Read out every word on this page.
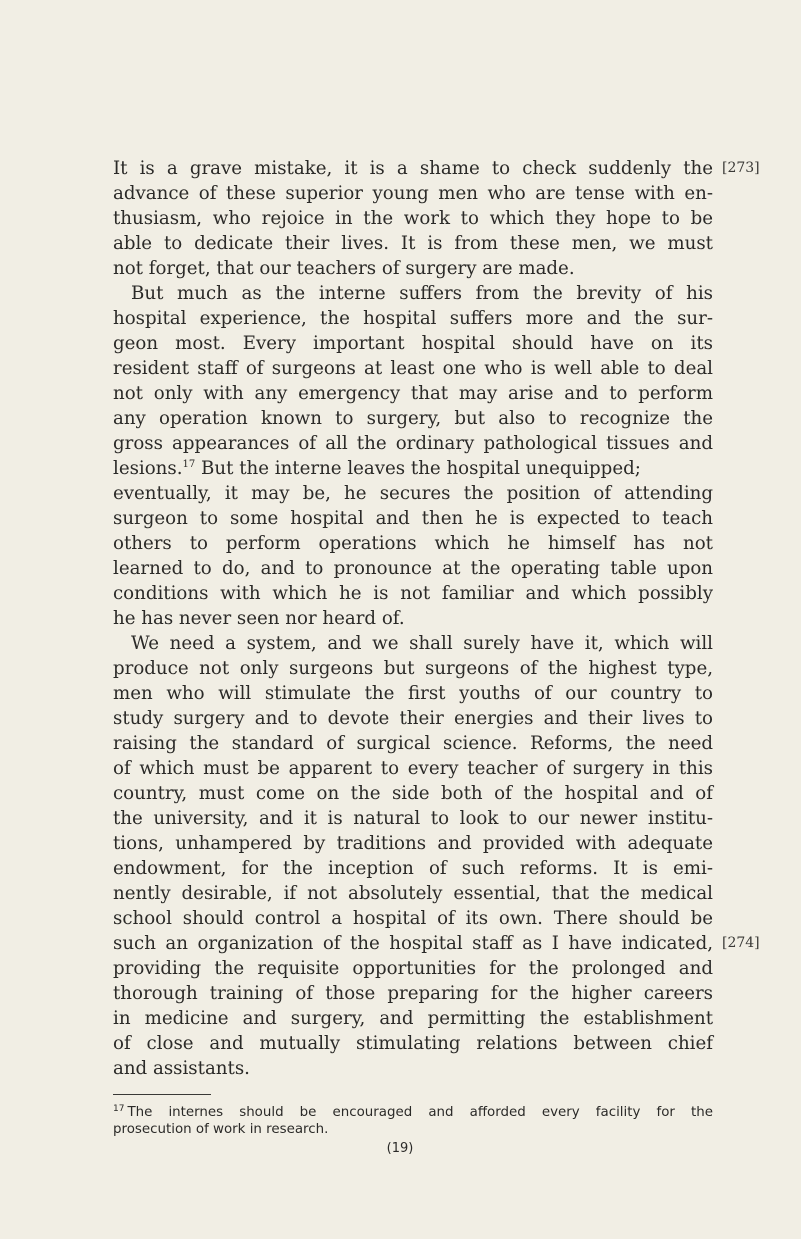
It is a grave mistake, it is a shame to check suddenly the [273]
advance of these superior young men who are tense with en-
thusiasm, who rejoice in the work to which they hope to be
able to dedicate their lives. It is from these men, we must
not forget, that our teachers of surgery are made.
But much as the interne suffers from the brevity of his
hospital experience, the hospital suffers more and the sur-
geon most. Every important hospital should have on its
resident staff of surgeons at least one who is well able to deal
not only with any emergency that may arise and to perform
any operation known to surgery, but also to recognize the
gross appearances of all the ordinary pathological tissues and
lesions.$^{17}$ But the interne leaves the hospital unequipped;
eventually, it may be, he secures the position of attending
surgeon to some hospital and then he is expected to teach
others to perform operations which he himself has not
learned to do, and to pronounce at the operating table upon
conditions with which he is not familiar and which possibly
he has never seen nor heard of.
We need a system, and we shall surely have it, which will
produce not only surgeons but surgeons of the highest type,
men who will stimulate the first youths of our country to
study surgery and to devote their energies and their lives to
raising the standard of surgical science. Reforms, the need
of which must be apparent to every teacher of surgery in this
country, must come on the side both of the hospital and of
the university, and it is natural to look to our newer institu-
tions, unhampered by traditions and provided with adequate
endowment, for the inception of such reforms. It is emi-
nently desirable, if not absolutely essential, that the medical
school should control a hospital of its own. There should be
such an organization of the hospital staff as I have indicated, [274]
providing the requisite opportunities for the prolonged and
thorough training of those preparing for the higher careers
in medicine and surgery, and permitting the establishment
of close and mutually stimulating relations between chief
and assistants.
$^{17}$ The internes should be encouraged and afforded every facility for the
prosecution of work in research.
(19)
